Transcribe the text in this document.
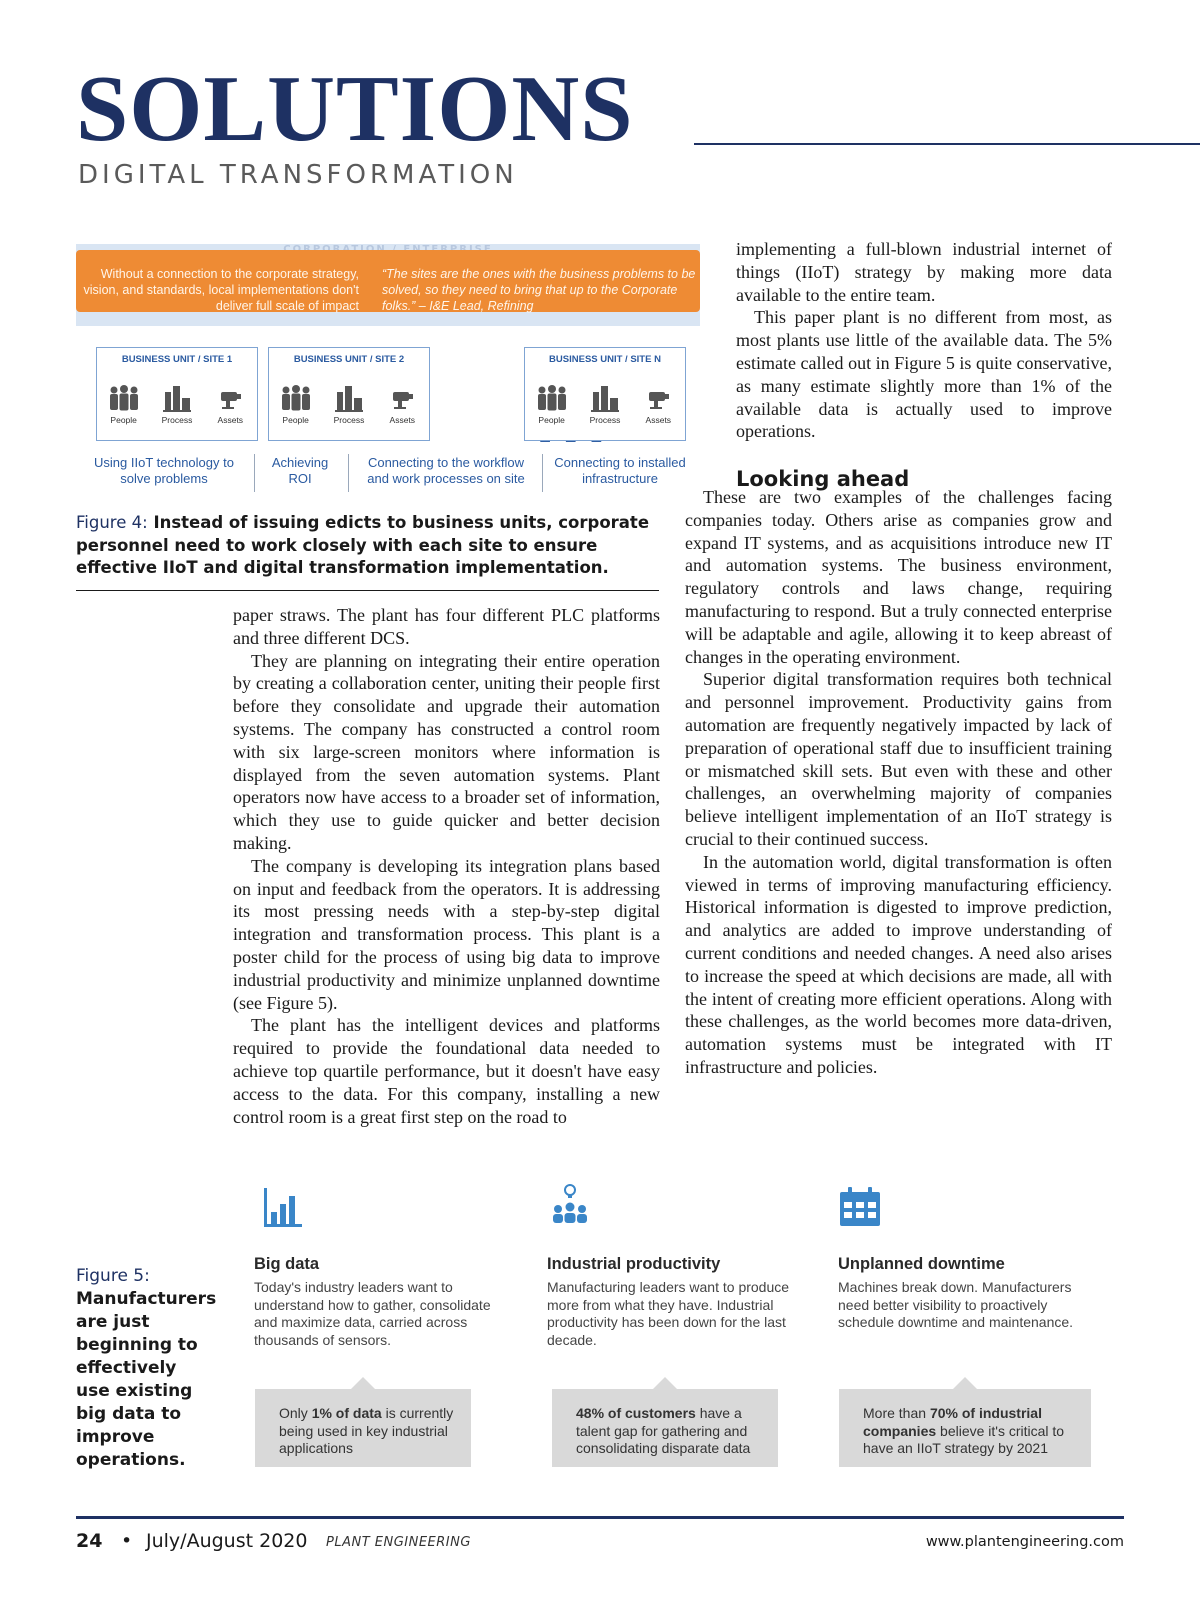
SOLUTIONS
DIGITAL TRANSFORMATION
Without a connection to the corporate strategy, vision, and standards, local implementations don't deliver full scale of impact
“The sites are the ones with the business problems to be solved, so they need to bring that up to the Corporate folks.” – I&E Lead, Refining
BUSINESS UNIT / SITE 1
People	Process	Assets
BUSINESS UNIT / SITE 2
People	Process	Assets
BUSINESS UNIT / SITE N
People	Process	Assets
Using IIoT technology to solve problems
Achieving ROI
Connecting to the workflow and work processes on site
Connecting to installed infrastructure
Figure 4: Instead of issuing edicts to business units, corporate personnel need to work closely with each site to ensure effective IIoT and digital transformation implementation.

implementing a full-blown industrial internet of things (IIoT) strategy by making more data available to the entire team.

This paper plant is no different from most, as most plants use little of the available data. The 5% estimate called out in Figure 5 is quite conservative, as many estimate slightly more than 1% of the available data is actually used to improve operations.

Looking ahead

These are two examples of the challenges facing companies today. Others arise as companies grow and expand IT systems, and as acquisitions introduce new IT and automation systems. The business environment, regulatory controls and laws change, requiring manufacturing to respond. But a truly connected enterprise will be adaptable and agile, allowing it to keep abreast of changes in the operating environment.

Superior digital transformation requires both technical and personnel improvement. Productivity gains from automation are frequently negatively impacted by lack of preparation of operational staff due to insufficient training or mismatched skill sets. But even with these and other challenges, an overwhelming majority of companies believe intelligent implementation of an IIoT strategy is crucial to their continued success.

In the automation world, digital transformation is often viewed in terms of improving manufacturing efficiency. Historical information is digested to improve prediction, and analytics are added to improve understanding of current conditions and needed changes. A need also arises to increase the speed at which decisions are made, all with the intent of creating more efficient operations. Along with these challenges, as the world becomes more data-driven, automation systems must be integrated with IT infrastructure and policies.

paper straws. The plant has four different PLC platforms and three different DCS.

They are planning on integrating their entire operation by creating a collaboration center, uniting their people first before they consolidate and upgrade their automation systems. The company has constructed a control room with six large-screen monitors where information is displayed from the seven automation systems. Plant operators now have access to a broader set of information, which they use to guide quicker and better decision making.

The company is developing its integration plans based on input and feedback from the operators. It is addressing its most pressing needs with a step-by-step digital integration and transformation process. This plant is a poster child for the process of using big data to improve industrial productivity and minimize unplanned downtime (see Figure 5).

The plant has the intelligent devices and platforms required to provide the foundational data needed to achieve top quartile performance, but it doesn't have easy access to the data. For this company, installing a new control room is a great first step on the road to

Figure 5: Manufacturers are just beginning to effectively use existing big data to improve operations.
Big data
Today's industry leaders want to understand how to gather, consolidate and maximize data, carried across thousands of sensors.
Only 1% of data is currently being used in key industrial applications
Industrial productivity
Manufacturing leaders want to produce more from what they have. Industrial productivity has been down for the last decade.
48% of customers have a talent gap for gathering and consolidating disparate data
Unplanned downtime
Machines break down. Manufacturers need better visibility to proactively schedule downtime and maintenance.
More than 70% of industrial companies believe it's critical to have an IIoT strategy by 2021
24 • July/August 2020 PLANT ENGINEERING	www.plantengineering.com
